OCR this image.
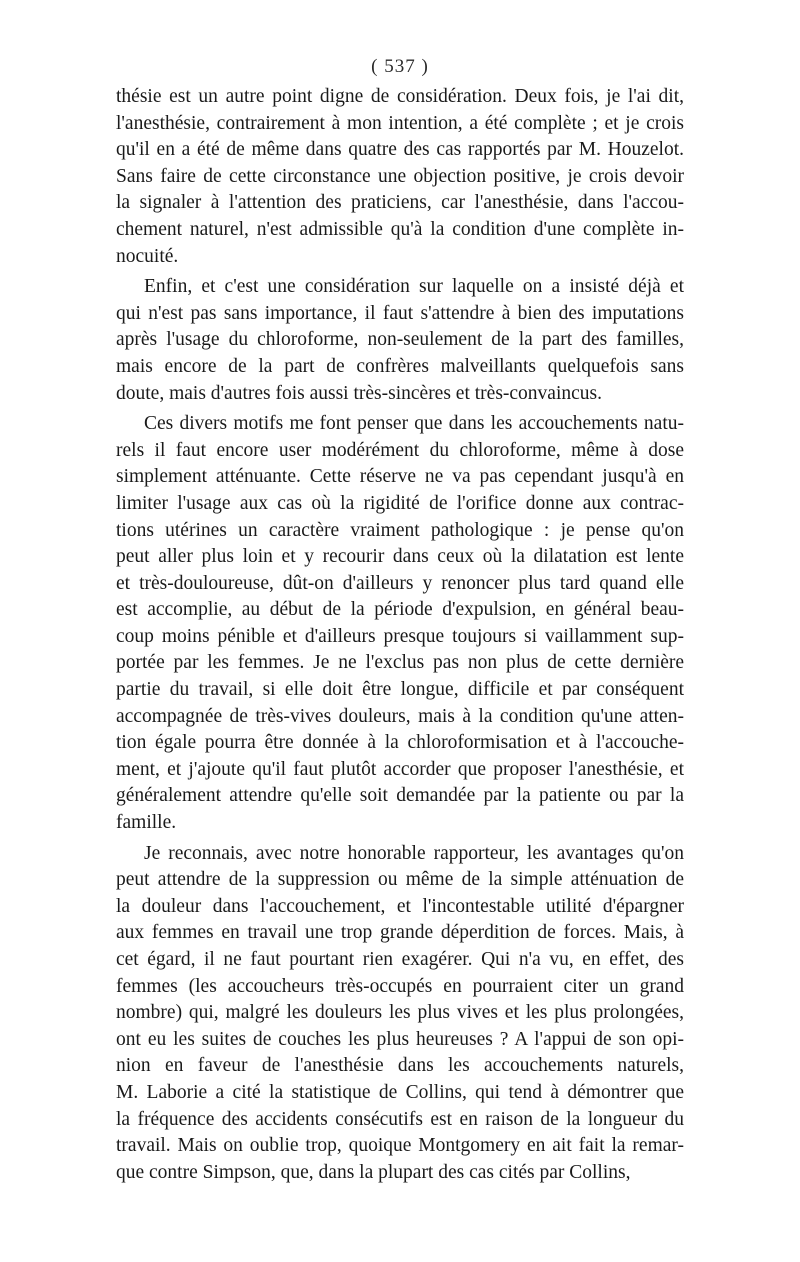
( 537 )
thésie est un autre point digne de considération. Deux fois, je l'ai dit,
l'anesthésie, contrairement à mon intention, a été complète ; et je crois
qu'il en a été de même dans quatre des cas rapportés par M. Houzelot.
Sans faire de cette circonstance une objection positive, je crois devoir
la signaler à l'attention des praticiens, car l'anesthésie, dans l'accou-
chement naturel, n'est admissible qu'à la condition d'une complète in-
nocuité.
Enfin, et c'est une considération sur laquelle on a insisté déjà et
qui n'est pas sans importance, il faut s'attendre à bien des imputations
après l'usage du chloroforme, non-seulement de la part des familles,
mais encore de la part de confrères malveillants quelquefois sans
doute, mais d'autres fois aussi très-sincères et très-convaincus.
Ces divers motifs me font penser que dans les accouchements natu-
rels il faut encore user modérément du chloroforme, même à dose
simplement atténuante. Cette réserve ne va pas cependant jusqu'à en
limiter l'usage aux cas où la rigidité de l'orifice donne aux contrac-
tions utérines un caractère vraiment pathologique : je pense qu'on
peut aller plus loin et y recourir dans ceux où la dilatation est lente
et très-douloureuse, dût-on d'ailleurs y renoncer plus tard quand elle
est accomplie, au début de la période d'expulsion, en général beau-
coup moins pénible et d'ailleurs presque toujours si vaillamment sup-
portée par les femmes. Je ne l'exclus pas non plus de cette dernière
partie du travail, si elle doit être longue, difficile et par conséquent
accompagnée de très-vives douleurs, mais à la condition qu'une atten-
tion égale pourra être donnée à la chloroformisation et à l'accouche-
ment, et j'ajoute qu'il faut plutôt accorder que proposer l'anesthésie, et
généralement attendre qu'elle soit demandée par la patiente ou par la
famille.
Je reconnais, avec notre honorable rapporteur, les avantages qu'on
peut attendre de la suppression ou même de la simple atténuation de
la douleur dans l'accouchement, et l'incontestable utilité d'épargner
aux femmes en travail une trop grande déperdition de forces. Mais, à
cet égard, il ne faut pourtant rien exagérer. Qui n'a vu, en effet, des
femmes (les accoucheurs très-occupés en pourraient citer un grand
nombre) qui, malgré les douleurs les plus vives et les plus prolongées,
ont eu les suites de couches les plus heureuses ? A l'appui de son opi-
nion en faveur de l'anesthésie dans les accouchements naturels,
M. Laborie a cité la statistique de Collins, qui tend à démontrer que
la fréquence des accidents consécutifs est en raison de la longueur du
travail. Mais on oublie trop, quoique Montgomery en ait fait la remar-
que contre Simpson, que, dans la plupart des cas cités par Collins,
